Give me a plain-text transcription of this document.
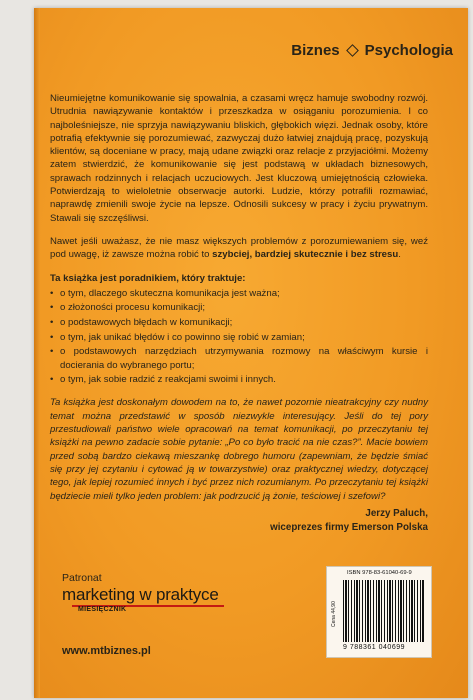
Biznes Psychologia

Nieumiejętne komunikowanie się spowalnia, a czasami wręcz hamuje swobodny rozwój. Utrudnia nawiązywanie kontaktów i przeszkadza w osiąganiu porozumienia. I co najboleśniejsze, nie sprzyja nawiązywaniu bliskich, głębokich więzi. Jednak osoby, które potrafią efektywnie się porozumiewać, zazwyczaj dużo łatwiej znajdują pracę, pozyskują klientów, są doceniane w pracy, mają udane związki oraz relacje z przyjaciółmi. Możemy zatem stwierdzić, że komunikowanie się jest podstawą w układach biznesowych, sprawach rodzinnych i relacjach uczuciowych. Jest kluczową umiejętnością człowieka. Potwierdzają to wieloletnie obserwacje autorki. Ludzie, którzy potrafili rozmawiać, naprawdę zmienili swoje życie na lepsze. Odnosili sukcesy w pracy i życiu prywatnym. Stawali się szczęśliwsi.

Nawet jeśli uważasz, że nie masz większych problemów z porozumiewaniem się, weź pod uwagę, iż zawsze można robić to szybciej, bardziej skutecznie i bez stresu.

Ta książka jest poradnikiem, który traktuje:
• o tym, dlaczego skuteczna komunikacja jest ważna;
• o złożoności procesu komunikacji;
• o podstawowych błędach w komunikacji;
• o tym, jak unikać błędów i co powinno się robić w zamian;
• o podstawowych narzędziach utrzymywania rozmowy na właściwym kursie i docierania do wybranego portu;
• o tym, jak sobie radzić z reakcjami swoimi i innych.

Ta książka jest doskonałym dowodem na to, że nawet pozornie nieatrakcyjny czy nudny temat można przedstawić w sposób niezwykle interesujący. Jeśli do tej pory przestudiowali państwo wiele opracowań na temat komunikacji, po przeczytaniu tej książki na pewno zadacie sobie pytanie: „Po co było tracić na nie czas?”. Macie bowiem przed sobą bardzo ciekawą mieszankę dobrego humoru (zapewniam, że będzie śmiać się przy jej czytaniu i cytować ją w towarzystwie) oraz praktycznej wiedzy, dotyczącej tego, jak lepiej rozumieć innych i być przez nich rozumianym. Po przeczytaniu tej książki będziecie mieli tylko jeden problem: jak podrzucić ją żonie, teściowej i szefowi?

Jerzy Paluch,
wiceprezes firmy Emerson Polska
Patronat
marketing w praktyce
MIESIĘCZNIK
www.mtbiznes.pl
ISBN 978-83-61040-69-9
Cena 44,90
9 788361 040699
